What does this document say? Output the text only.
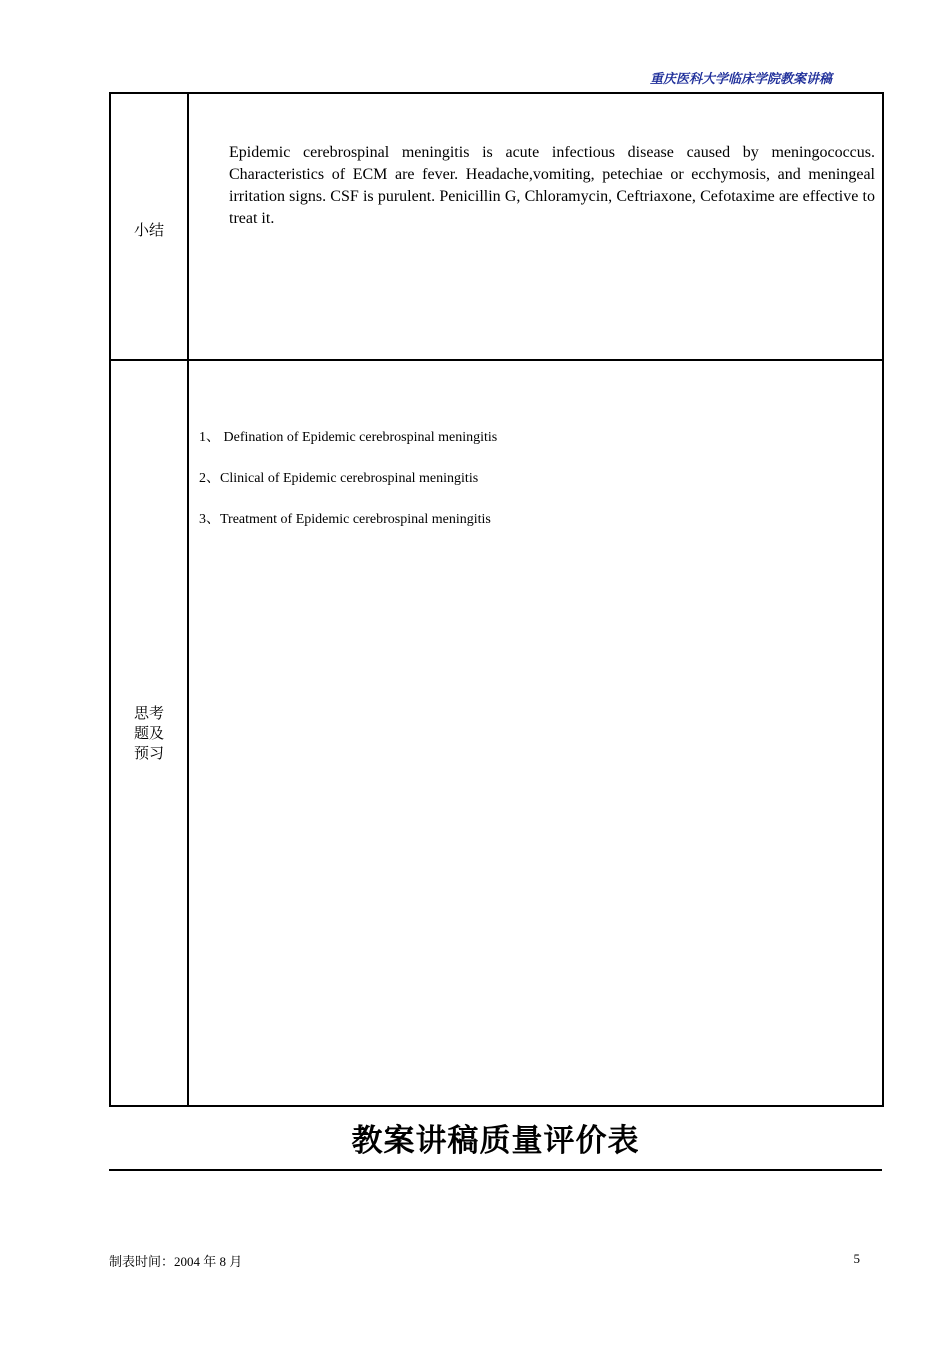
重庆医科大学临床学院教案讲稿
小结
Epidemic cerebrospinal meningitis is acute infectious disease caused by meningococcus. Characteristics of ECM are fever. Headache,vomiting, petechiae or ecchymosis, and meningeal irritation signs. CSF is purulent. Penicillin G, Chloramycin, Ceftriaxone, Cefotaxime are effective to treat it.
思考
题及
预习
1、 Defination of Epidemic cerebrospinal meningitis
2、Clinical of Epidemic cerebrospinal meningitis
3、Treatment of Epidemic cerebrospinal meningitis
教案讲稿质量评价表
制表时间：2004 年 8 月	5
